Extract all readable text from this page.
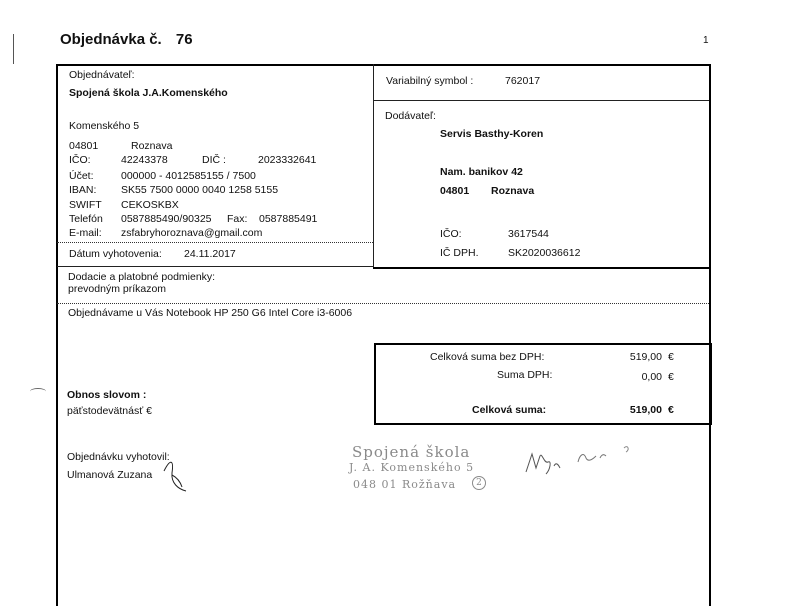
Objednávka č. 76	1
Objednávateľ:
Spojená škola J.A.Komenského
Komenského 5
04801	Roznava
IČO:	42243378	DIČ :	2023332641
Účet:	000000 - 4012585155 / 7500
IBAN: SK55 7500 0000 0040 1258 5155
SWIFT CEKOSKBX
Telefón 0587885490/90325 Fax: 0587885491
E-mail: zsfabryhoroznava@gmail.com
Dátum vyhotovenia: 24.11.2017
Variabilný symbol :	762017
Dodávateľ:
Servis Basthy-Koren
Nam. banikov 42
04801 Roznava
IČO:	3617544
IČ DPH.	SK2020036612
Dodacie a platobné podmienky:
prevodným príkazom
Objednávame u Vás Notebook HP 250 G6 Intel Core i3-6006
Celková suma bez DPH:	519,00 €
Suma DPH:	0,00 €
Celková suma:	519,00 €
Obnos slovom :
päťstodevätnásť €
Objednávku vyhotovil:
Ulmanová Zuzana
Spojená škola
J. A. Komenského 5
048 01 Rožňava	2
